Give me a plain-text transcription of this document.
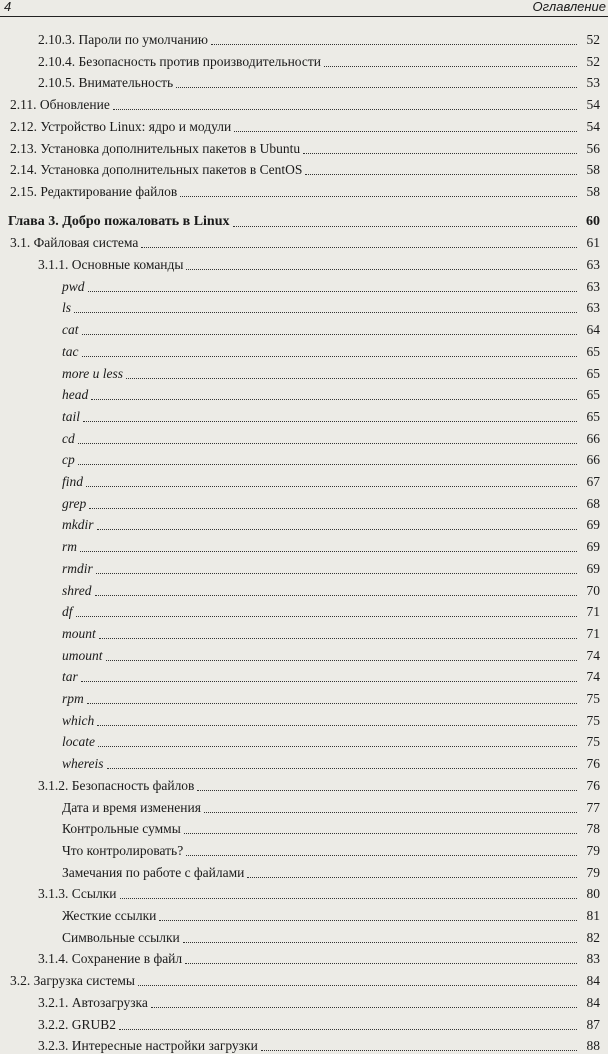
4	Оглавление
2.10.3. Пароли по умолчанию	52
2.10.4. Безопасность против производительности	52
2.10.5. Внимательность	53
2.11. Обновление	54
2.12. Устройство Linux: ядро и модули	54
2.13. Установка дополнительных пакетов в Ubuntu	56
2.14. Установка дополнительных пакетов в CentOS	58
2.15. Редактирование файлов	58
Глава 3. Добро пожаловать в Linux	60
3.1. Файловая система	61
3.1.1. Основные команды	63
pwd	63
ls	63
cat	64
tac	65
more и less	65
head	65
tail	65
cd	66
cp	66
find	67
grep	68
mkdir	69
rm	69
rmdir	69
shred	70
df	71
mount	71
umount	74
tar	74
rpm	75
which	75
locate	75
whereis	76
3.1.2. Безопасность файлов	76
Дата и время изменения	77
Контрольные суммы	78
Что контролировать?	79
Замечания по работе с файлами	79
3.1.3. Ссылки	80
Жесткие ссылки	81
Символьные ссылки	82
3.1.4. Сохранение в файл	83
3.2. Загрузка системы	84
3.2.1. Автозагрузка	84
3.2.2. GRUB2	87
3.2.3. Интересные настройки загрузки	88
